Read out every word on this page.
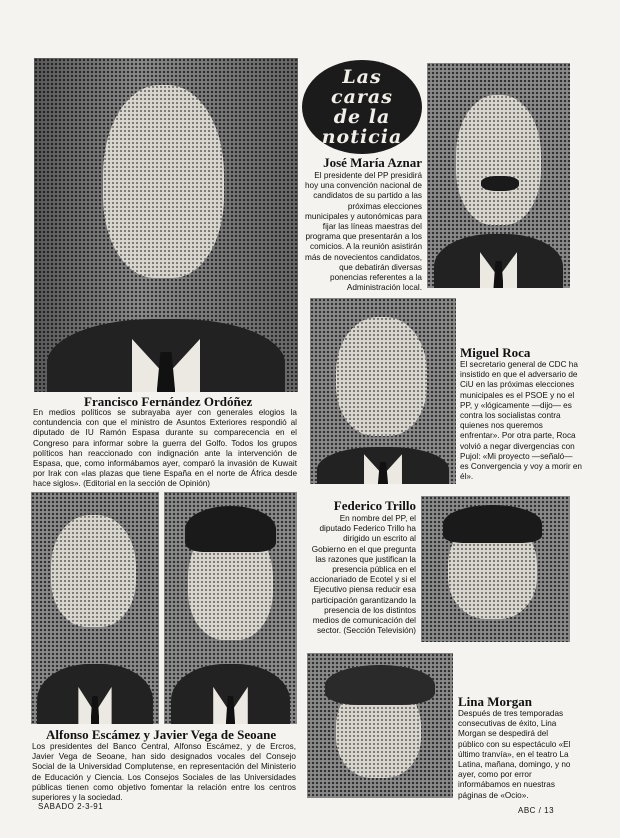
Las
caras
de la
noticia
Francisco Fernández Ordóñez

En medios políticos se subrayaba ayer con generales elogios la contundencia con que el ministro de Asuntos Exteriores respondió al diputado de IU Ramón Espasa durante su comparecencia en el Congreso para informar sobre la guerra del Golfo. Todos los grupos políticos han reaccionado con indignación ante la intervención de Espasa, que, como informábamos ayer, comparó la invasión de Kuwait por Irak con «las plazas que tiene España en el norte de África desde hace siglos». (Editorial en la sección de Opinión)

José María Aznar

El presidente del PP presidirá hoy una convención nacional de candidatos de su partido a las próximas elecciones municipales y autonómicas para fijar las líneas maestras del programa que presentarán a los comicios. A la reunión asistirán más de novecientos candidatos, que debatirán diversas ponencias referentes a la Administración local.

Miguel Roca

El secretario general de CDC ha insistido en que el adversario de CiU en las próximas elecciones municipales es el PSOE y no el PP, y «lógicamente —dijo— es contra los socialistas contra quienes nos queremos enfrentar». Por otra parte, Roca volvió a negar divergencias con Pujol: «Mi proyecto —señaló— es Convergencia y voy a morir en él».

Federico Trillo

En nombre del PP, el diputado Federico Trillo ha dirigido un escrito al Gobierno en el que pregunta las razones que justifican la presencia pública en el accionariado de Ecotel y si el Ejecutivo piensa reducir esa participación garantizando la presencia de los distintos medios de comunicación del sector. (Sección Televisión)

Alfonso Escámez y Javier Vega de Seoane

Los presidentes del Banco Central, Alfonso Escámez, y de Ercros, Javier Vega de Seoane, han sido designados vocales del Consejo Social de la Universidad Complutense, en representación del Ministerio de Educación y Ciencia. Los Consejos Sociales de las Universidades públicas tienen como objetivo fomentar la relación entre los centros superiores y la sociedad.

Lina Morgan

Después de tres temporadas consecutivas de éxito, Lina Morgan se despedirá del público con su espectáculo «El último tranvía», en el teatro La Latina, mañana, domingo, y no ayer, como por error informábamos en nuestras páginas de «Ocio».

SABADO 2-3-91	ABC / 13
